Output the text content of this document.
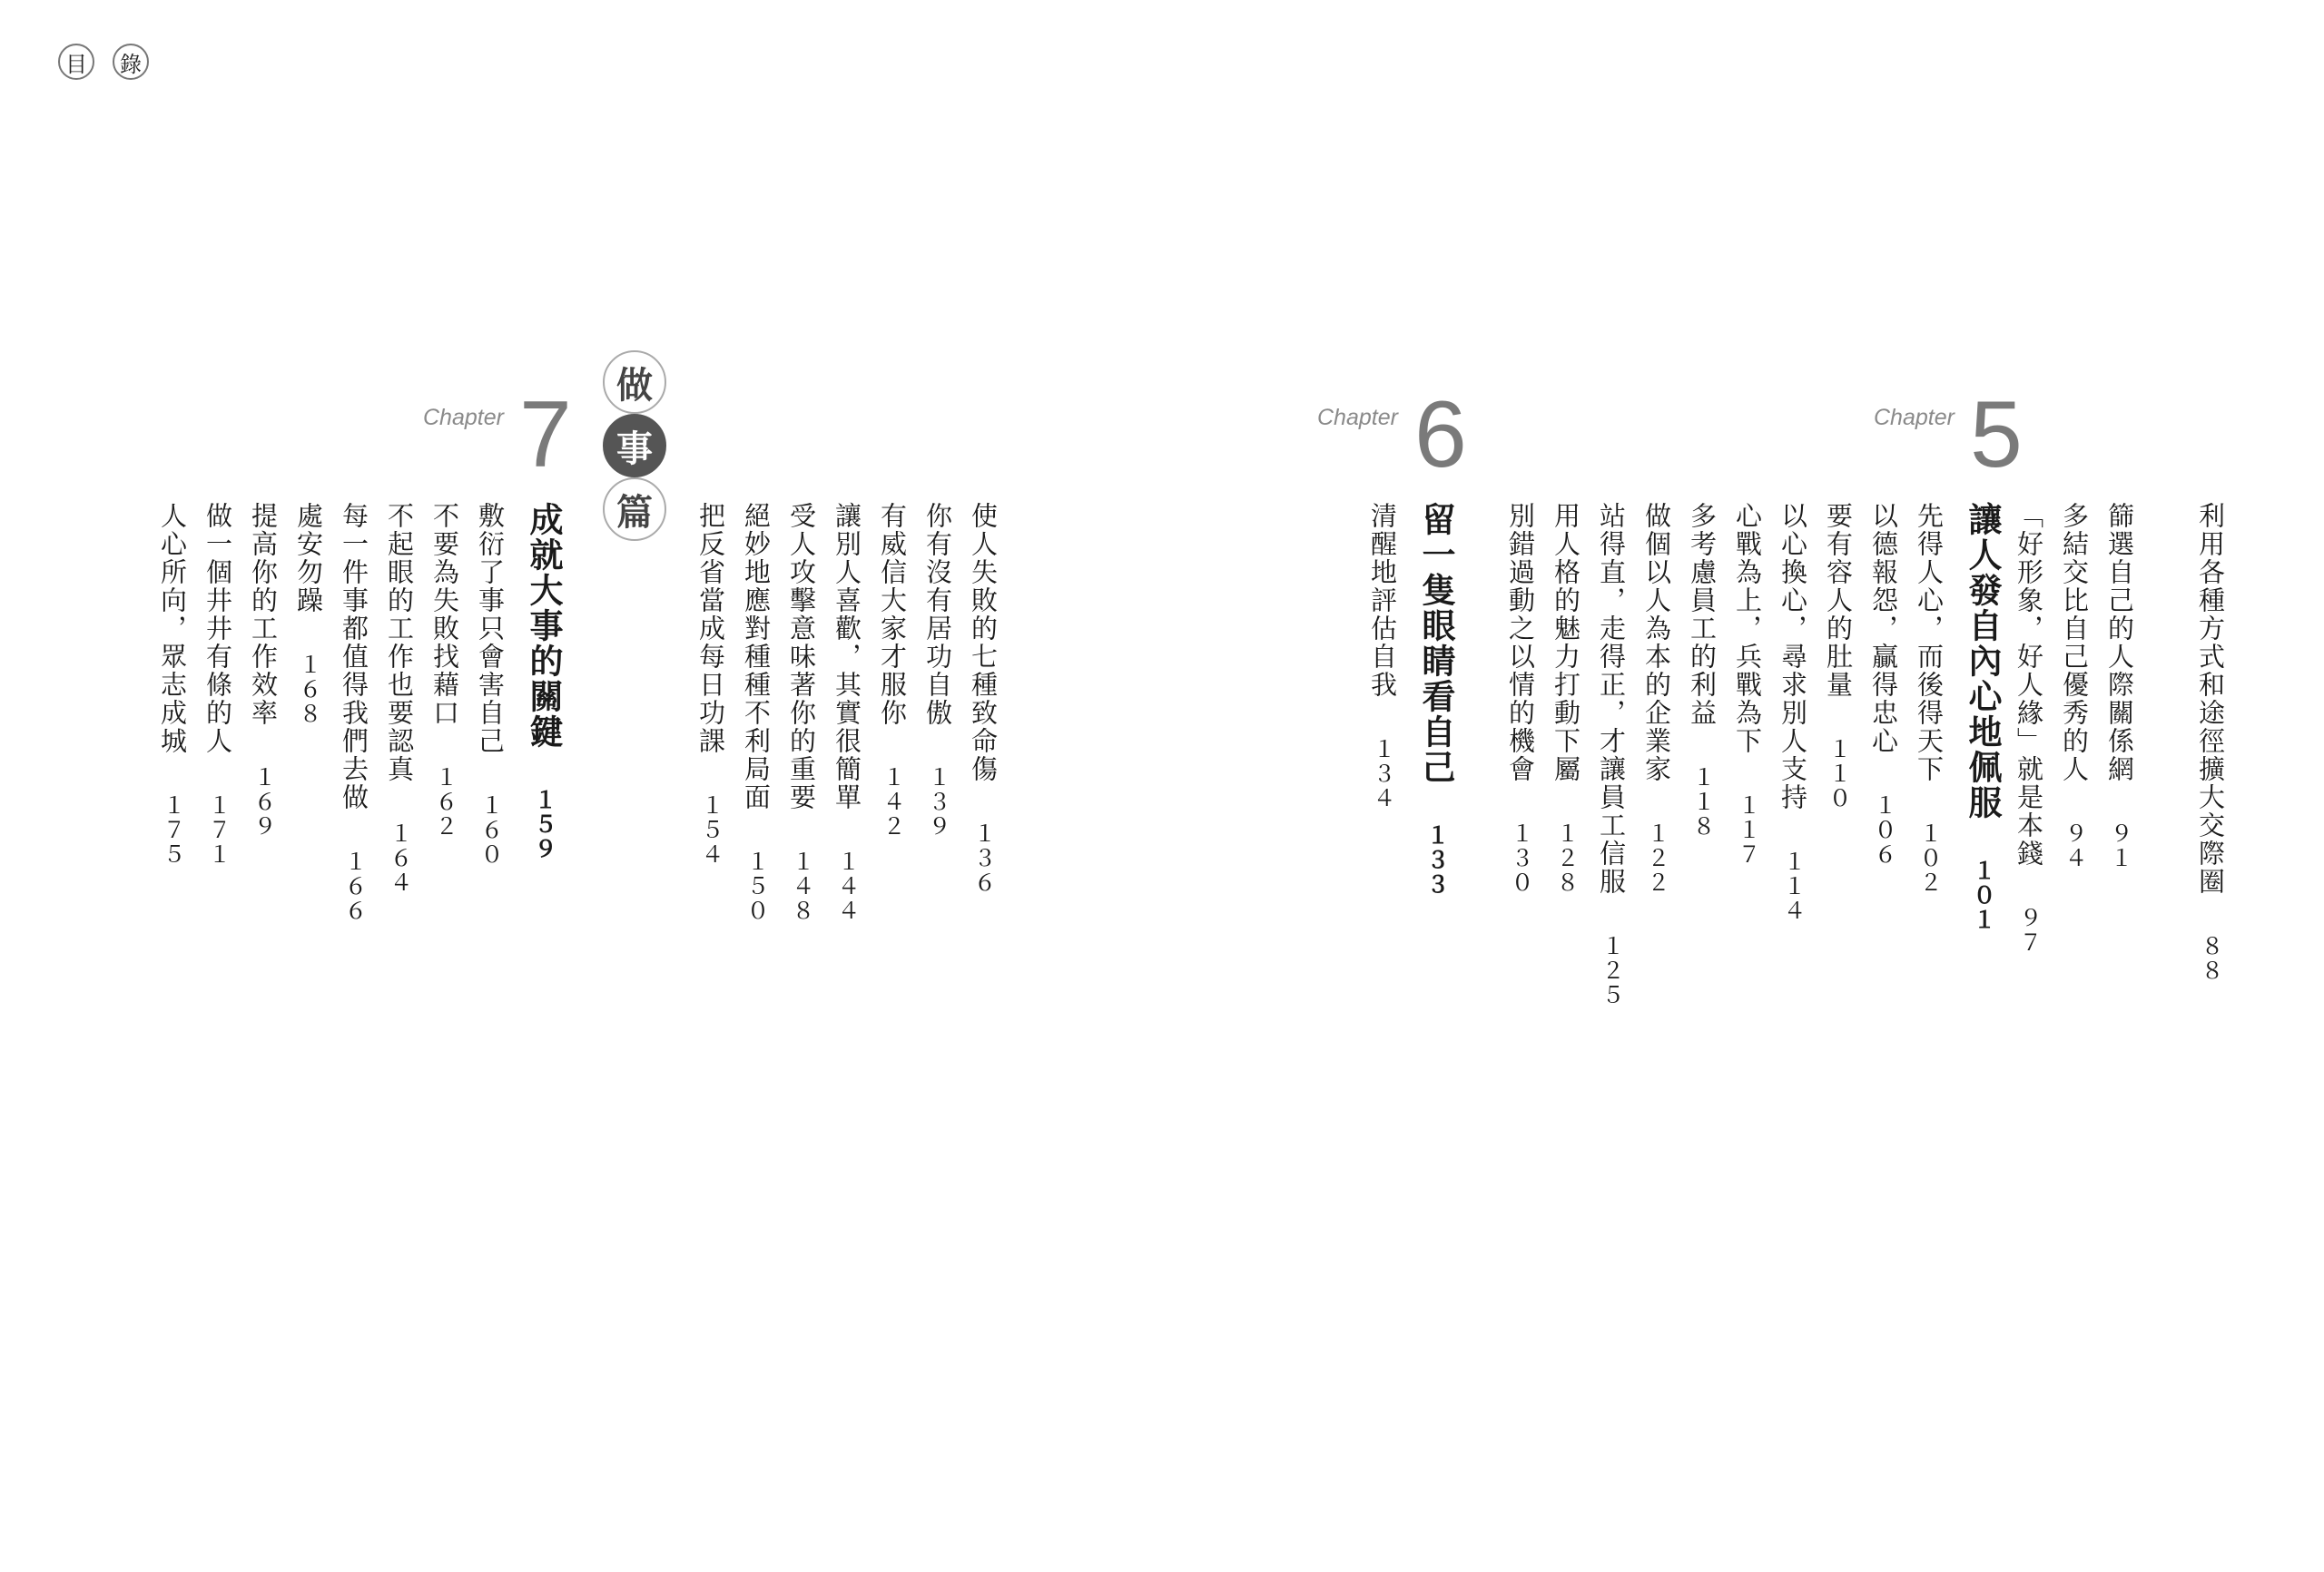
目	錄
Chapter 5
Chapter 6
Chapter 7	做
事
篇	利用各種方式和途徑擴大交際圈８８
篩選自己的人際關係網９１
多結交比自己優秀的人９４
「好形象，好人緣」就是本錢９７
讓人發自內心地佩服１０１
先得人心，而後得天下１０２
以德報怨，贏得忠心１０６
要有容人的肚量１１０
以心換心，尋求別人支持１１４
心戰為上，兵戰為下１１７
多考慮員工的利益１１８
做個以人為本的企業家１２２
站得直，走得正，才讓員工信服１２５
用人格的魅力打動下屬１２８
別錯過動之以情的機會１３０
留一隻眼睛看自己１３３
清醒地評估自我１３４
使人失敗的七種致命傷１３６
你有沒有居功自傲１３９
有威信大家才服你１４２
讓別人喜歡，其實很簡單１４４
受人攻擊意味著你的重要１４８
絕妙地應對種種不利局面１５０
把反省當成每日功課１５４
成就大事的關鍵１５９
敷衍了事只會害自己１６０
不要為失敗找藉口１６２
不起眼的工作也要認真１６４
每一件事都值得我們去做１６６
處安勿躁１６８
提高你的工作效率１６９
做一個井井有條的人１７１
人心所向，眾志成城１７５
